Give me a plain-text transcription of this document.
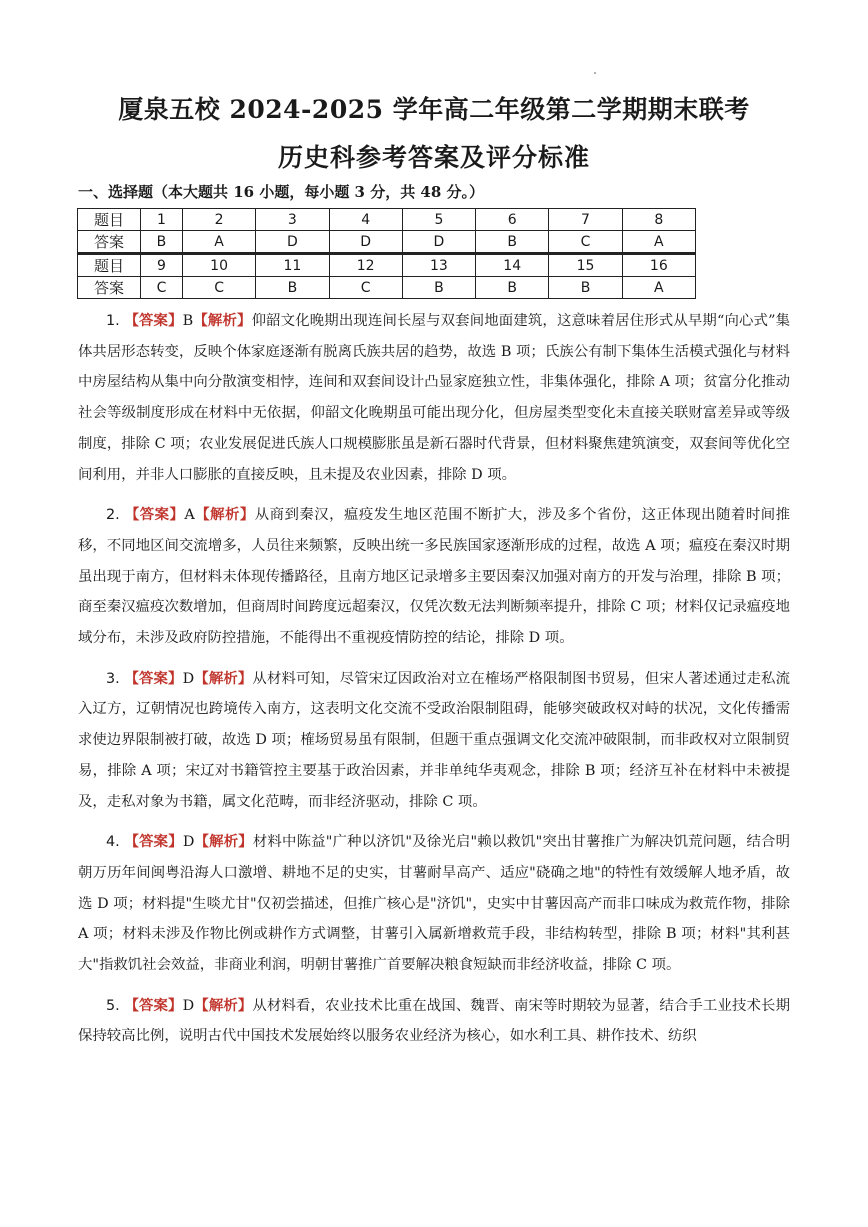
厦泉五校 2024-2025 学年高二年级第二学期期末联考
历史科参考答案及评分标准
一、选择题（本大题共 16 小题，每小题 3 分，共 48 分。）
题目	1	2	3	4	5	6	7	8
答案	B	A	D	D	D	B	C	A
题目	9	10	11	12	13	14	15	16
答案	C	C	B	C	B	B	B	A

1. 【答案】B【解析】仰韶文化晚期出现连间长屋与双套间地面建筑，这意味着居住形式从早期“向心式”集体共居形态转变，反映个体家庭逐渐有脱离氏族共居的趋势，故选 B 项；氏族公有制下集体生活模式强化与材料中房屋结构从集中向分散演变相悖，连间和双套间设计凸显家庭独立性，非集体强化，排除 A 项；贫富分化推动社会等级制度形成在材料中无依据，仰韶文化晚期虽可能出现分化，但房屋类型变化未直接关联财富差异或等级制度，排除 C 项；农业发展促进氏族人口规模膨胀虽是新石器时代背景，但材料聚焦建筑演变，双套间等优化空间利用，并非人口膨胀的直接反映，且未提及农业因素，排除 D 项。

2. 【答案】A【解析】从商到秦汉，瘟疫发生地区范围不断扩大，涉及多个省份，这正体现出随着时间推移，不同地区间交流增多，人员往来频繁，反映出统一多民族国家逐渐形成的过程，故选 A 项；瘟疫在秦汉时期虽出现于南方，但材料未体现传播路径，且南方地区记录增多主要因秦汉加强对南方的开发与治理，排除 B 项；商至秦汉瘟疫次数增加，但商周时间跨度远超秦汉，仅凭次数无法判断频率提升，排除 C 项；材料仅记录瘟疫地域分布，未涉及政府防控措施，不能得出不重视疫情防控的结论，排除 D 项。

3. 【答案】D【解析】从材料可知，尽管宋辽因政治对立在榷场严格限制图书贸易，但宋人著述通过走私流入辽方，辽朝情况也跨境传入南方，这表明文化交流不受政治限制阻碍，能够突破政权对峙的状况，文化传播需求使边界限制被打破，故选 D 项；榷场贸易虽有限制，但题干重点强调文化交流冲破限制，而非政权对立限制贸易，排除 A 项；宋辽对书籍管控主要基于政治因素，并非单纯华夷观念，排除 B 项；经济互补在材料中未被提及，走私对象为书籍，属文化范畴，而非经济驱动，排除 C 项。

4. 【答案】D【解析】材料中陈益"广种以济饥"及徐光启"赖以救饥"突出甘薯推广为解决饥荒问题，结合明朝万历年间闽粤沿海人口激增、耕地不足的史实，甘薯耐旱高产、适应"硗确之地"的特性有效缓解人地矛盾，故选 D 项；材料提"生啖尤甘"仅初尝描述，但推广核心是"济饥"，史实中甘薯因高产而非口味成为救荒作物，排除 A 项；材料未涉及作物比例或耕作方式调整，甘薯引入属新增救荒手段，非结构转型，排除 B 项；材料"其利甚大"指救饥社会效益，非商业利润，明朝甘薯推广首要解决粮食短缺而非经济收益，排除 C 项。

5. 【答案】D【解析】从材料看，农业技术比重在战国、魏晋、南宋等时期较为显著，结合手工业技术长期保持较高比例，说明古代中国技术发展始终以服务农业经济为核心，如水利工具、耕作技术、纺织
